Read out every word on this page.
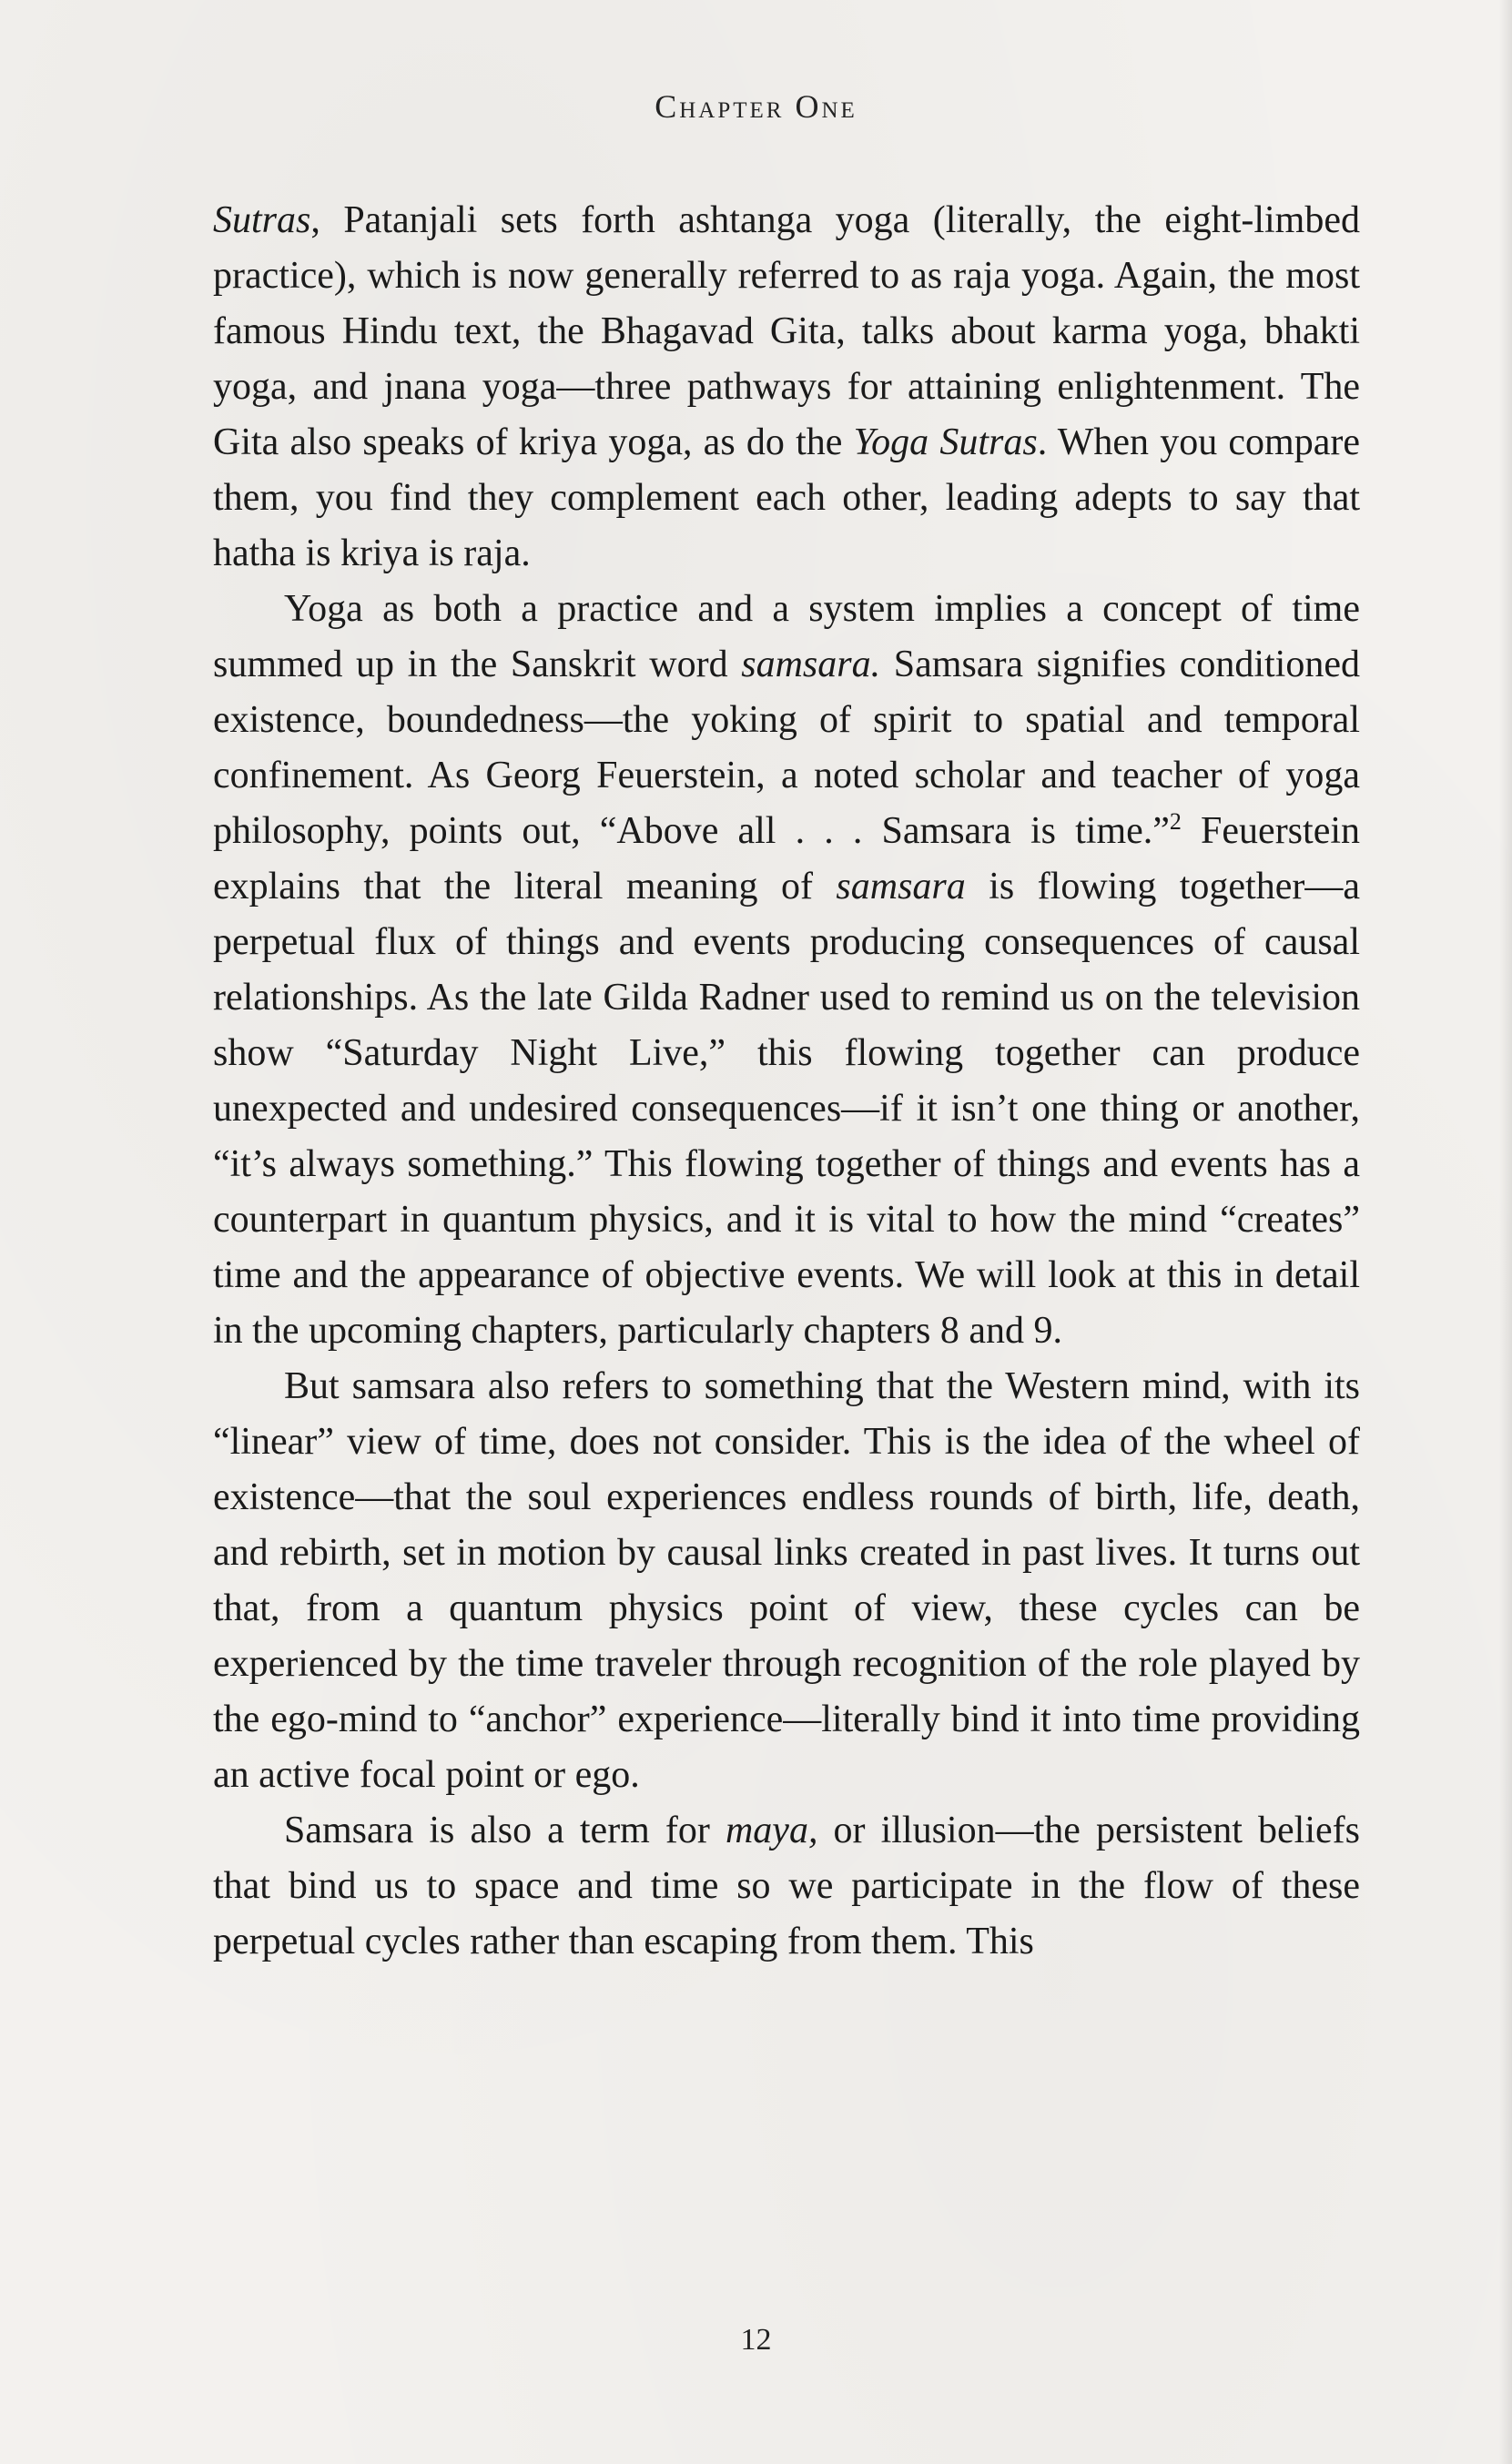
Chapter One

Sutras, Patanjali sets forth ashtanga yoga (literally, the eight-limbed practice), which is now generally referred to as raja yoga. Again, the most famous Hindu text, the Bhagavad Gita, talks about karma yoga, bhakti yoga, and jnana yoga—three pathways for attaining enlightenment. The Gita also speaks of kriya yoga, as do the Yoga Sutras. When you compare them, you find they complement each other, leading adepts to say that hatha is kriya is raja.

Yoga as both a practice and a system implies a concept of time summed up in the Sanskrit word samsara. Samsara signifies conditioned existence, boundedness—the yoking of spirit to spatial and temporal confinement. As Georg Feuerstein, a noted scholar and teacher of yoga philosophy, points out, “Above all . . . Samsara is time.”$^2$ Feuerstein explains that the literal meaning of samsara is flowing together—a perpetual flux of things and events producing consequences of causal relationships. As the late Gilda Radner used to remind us on the television show “Saturday Night Live,” this flowing together can produce unexpected and undesired consequences—if it isn’t one thing or another, “it’s always something.” This flowing together of things and events has a counterpart in quantum physics, and it is vital to how the mind “creates” time and the appearance of objective events. We will look at this in detail in the upcoming chapters, particularly chapters 8 and 9.

But samsara also refers to something that the Western mind, with its “linear” view of time, does not consider. This is the idea of the wheel of existence—that the soul experiences endless rounds of birth, life, death, and rebirth, set in motion by causal links created in past lives. It turns out that, from a quantum physics point of view, these cycles can be experienced by the time traveler through recognition of the role played by the ego-mind to “anchor” experience—literally bind it into time providing an active focal point or ego.

Samsara is also a term for maya, or illusion—the persistent beliefs that bind us to space and time so we participate in the flow of these perpetual cycles rather than escaping from them. This

12
